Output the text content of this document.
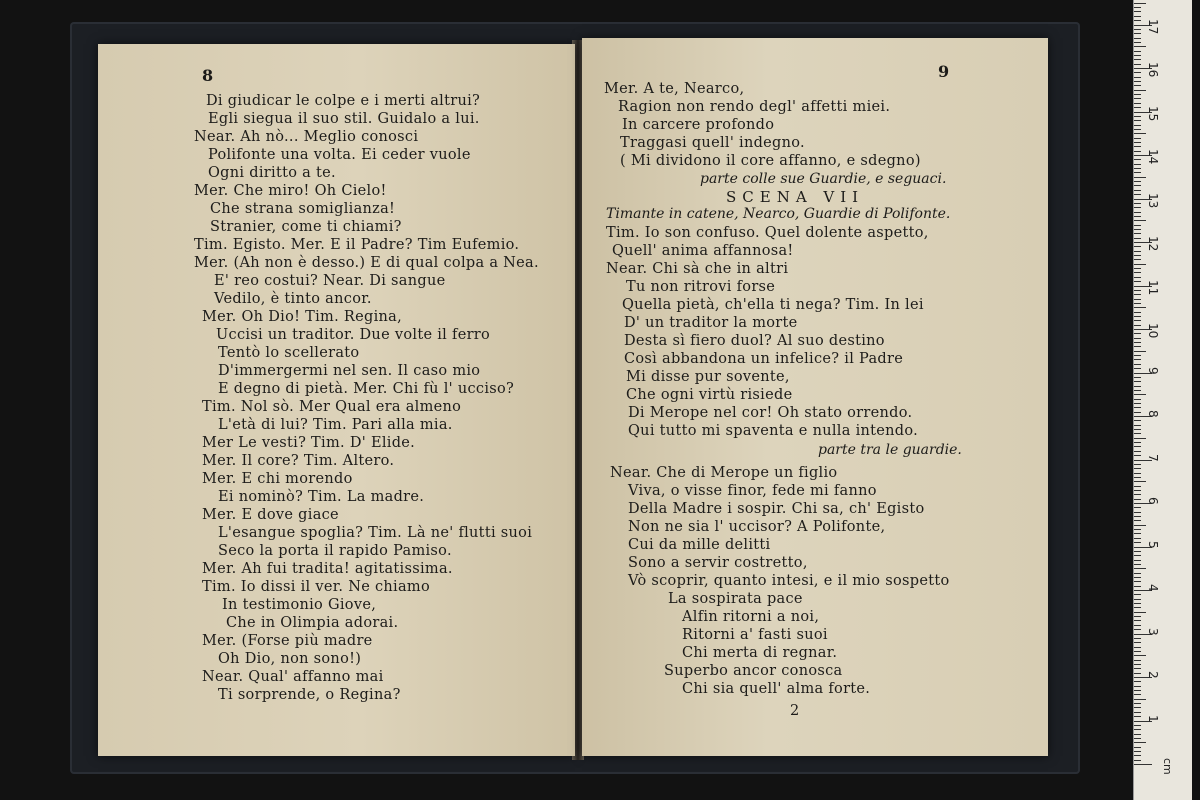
8
Di giudicar le colpe e i merti altrui?
Egli siegua il suo stil. Guidalo a lui.
Near. Ah nò... Meglio conosci
Polifonte una volta. Ei ceder vuole
Ogni diritto a te.
Mer. Che miro! Oh Cielo!
Che strana somiglianza!
Stranier, come ti chiami?
Tim. Egisto. Mer. E il Padre? Tim Eufemio.
Mer. (Ah non è desso.) E di qual colpa a Nea.
E' reo costui? Near. Di sangue
Vedilo, è tinto ancor.
Mer. Oh Dio! Tim. Regina,
Uccisi un traditor. Due volte il ferro
Tentò lo scellerato
D'immergermi nel sen. Il caso mio
E degno di pietà. Mer. Chi fù l' ucciso?
Tim. Nol sò. Mer Qual era almeno
L'età di lui? Tim. Pari alla mia.
Mer Le vesti? Tim. D' Elide.
Mer. Il core? Tim. Altero.
Mer. E chi morendo
Ei nominò? Tim. La madre.
Mer. E dove giace
L'esangue spoglia? Tim. Là ne' flutti suoi
Seco la porta il rapido Pamiso.
Mer. Ah fui tradita! agitatissima.
Tim. Io dissi il ver. Ne chiamo
In testimonio Giove,
Che in Olimpia adorai.
Mer. (Forse più madre
Oh Dio, non sono!)
Near. Qual' affanno mai
Ti sorprende, o Regina?
9
Mer. A te, Nearco,
Ragion non rendo degl' affetti miei.
In carcere profondo
Traggasi quell' indegno.
( Mi dividono il core affanno, e sdegno)
parte colle sue Guardie, e seguaci.
SCENA VII
Timante in catene, Nearco, Guardie di Polifonte.
Tim. Io son confuso. Quel dolente aspetto,
Quell' anima affannosa!
Near. Chi sà che in altri
Tu non ritrovi forse
Quella pietà, ch'ella ti nega? Tim. In lei
D' un traditor la morte
Desta sì fiero duol? Al suo destino
Così abbandona un infelice? il Padre
Mi disse pur sovente,
Che ogni virtù risiede
Di Merope nel cor! Oh stato orrendo.
Qui tutto mi spaventa e nulla intendo.
parte tra le guardie.
Near. Che di Merope un figlio
Viva, o visse finor, fede mi fanno
Della Madre i sospir. Chi sa, ch' Egisto
Non ne sia l' uccisor? A Polifonte,
Cui da mille delitti
Sono a servir costretto,
Vò scoprir, quanto intesi, e il mio sospetto
La sospirata pace
Alfin ritorni a noi,
Ritorni a' fasti suoi
Chi merta di regnar.
Superbo ancor conosca
Chi sia quell' alma forte.
2
17
16
15
14
13
12
11
10
9
8
7
6
5
4
3
2
1
cm
